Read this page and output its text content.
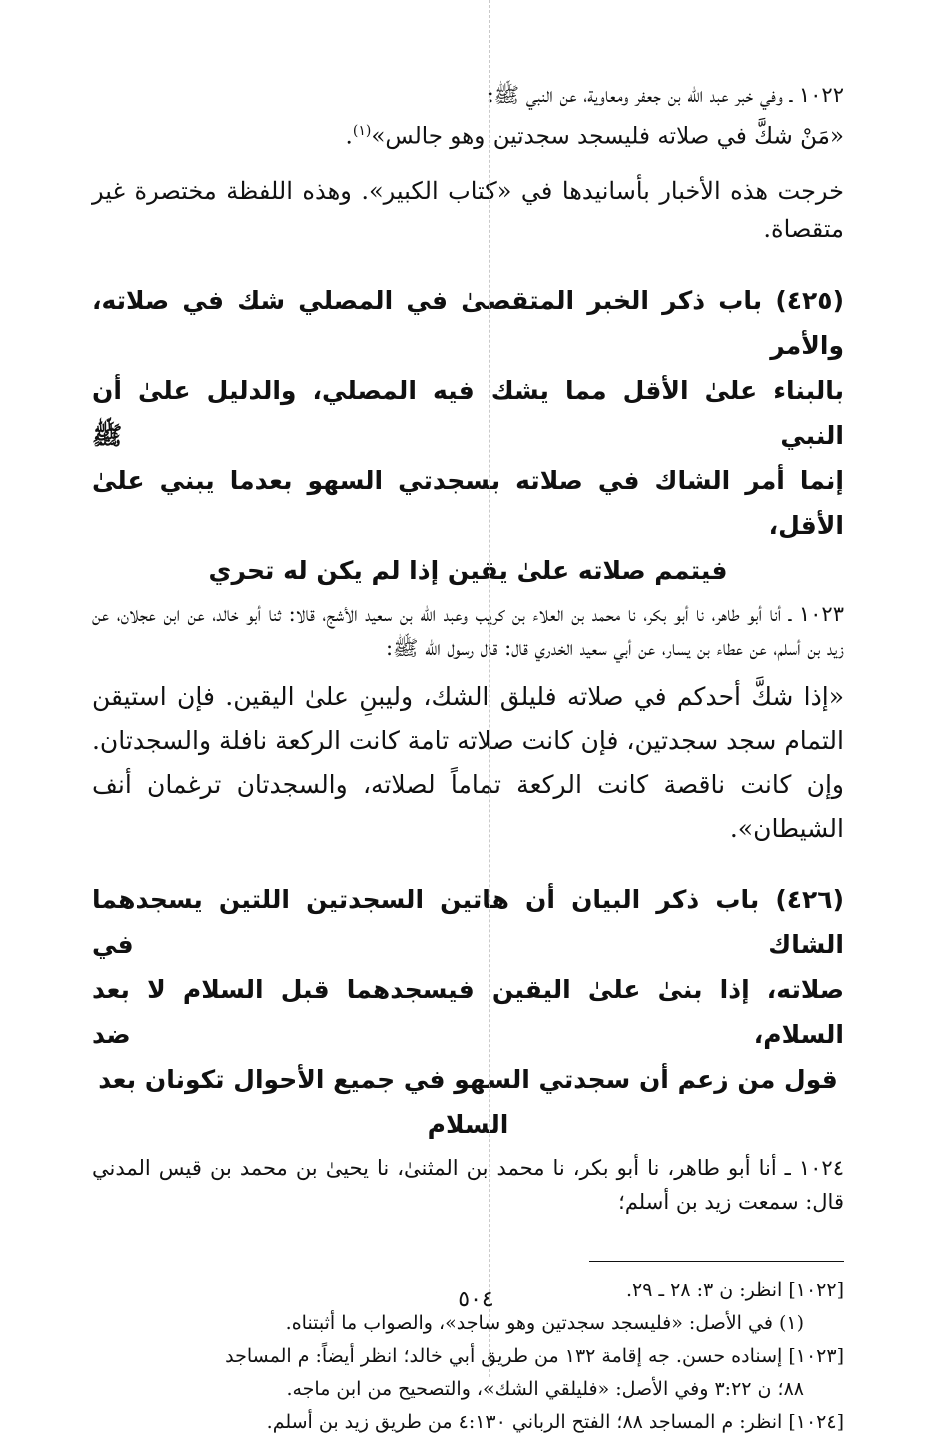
١٠٢٢ ـ وفي خبر عبد الله بن جعفر ومعاوية، عن النبي ﷺ:

«مَنْ شكَّ في صلاته فليسجد سجدتين وهو جالس»$^{(١)}$.

خرجت هذه الأخبار بأسانيدها في «كتاب الكبير». وهذه اللفظة مختصرة غير متقصاة.

(٤٢٥) باب ذكر الخبر المتقصىٰ في المصلي شك في صلاته، والأمر
بالبناء علىٰ الأقل مما يشك فيه المصلي، والدليل علىٰ أن النبي ﷺ
إنما أمر الشاك في صلاته بسجدتي السهو بعدما يبني علىٰ الأقل،
فيتمم صلاته علىٰ يقين إذا لم يكن له تحري

١٠٢٣ ـ أنا أبو طاهر، نا أبو بكر، نا محمد بن العلاء بن كريب وعبد الله بن سعيد الأشج، قالا: ثنا أبو خالد، عن ابن عجلان، عن زيد بن أسلم، عن عطاء بن يسار، عن أبي سعيد الخدري قال: قال رسول الله ﷺ:

«إذا شكَّ أحدكم في صلاته فليلق الشك، وليبنِ علىٰ اليقين. فإن استيقن التمام سجد سجدتين، فإن كانت صلاته تامة كانت الركعة نافلة والسجدتان. وإن كانت ناقصة كانت الركعة تماماً لصلاته، والسجدتان ترغمان أنف الشيطان».

(٤٢٦) باب ذكر البيان أن هاتين السجدتين اللتين يسجدهما الشاك في
صلاته، إذا بنىٰ علىٰ اليقين فيسجدهما قبل السلام لا بعد السلام، ضد
قول من زعم أن سجدتي السهو في جميع الأحوال تكونان بعد السلام

١٠٢٤ ـ أنا أبو طاهر، نا أبو بكر، نا محمد بن المثنىٰ، نا يحيىٰ بن محمد بن قيس المدني قال: سمعت زيد بن أسلم؛

[١٠٢٢] انظر: ن ٣: ٢٨ ـ ٢٩.
(١) في الأصل: «فليسجد سجدتين وهو ساجد»، والصواب ما أثبتناه.
[١٠٢٣] إسناده حسن. جه إقامة ١٣٢ من طريق أبي خالد؛ انظر أيضاً: م المساجد
٨٨؛ ن ٣:٢٢ وفي الأصل: «فليلقي الشك»، والتصحيح من ابن ماجه.
[١٠٢٤] انظر: م المساجد ٨٨؛ الفتح الرباني ٤:١٣٠ من طريق زيد بن أسلم.
٥٠٤
